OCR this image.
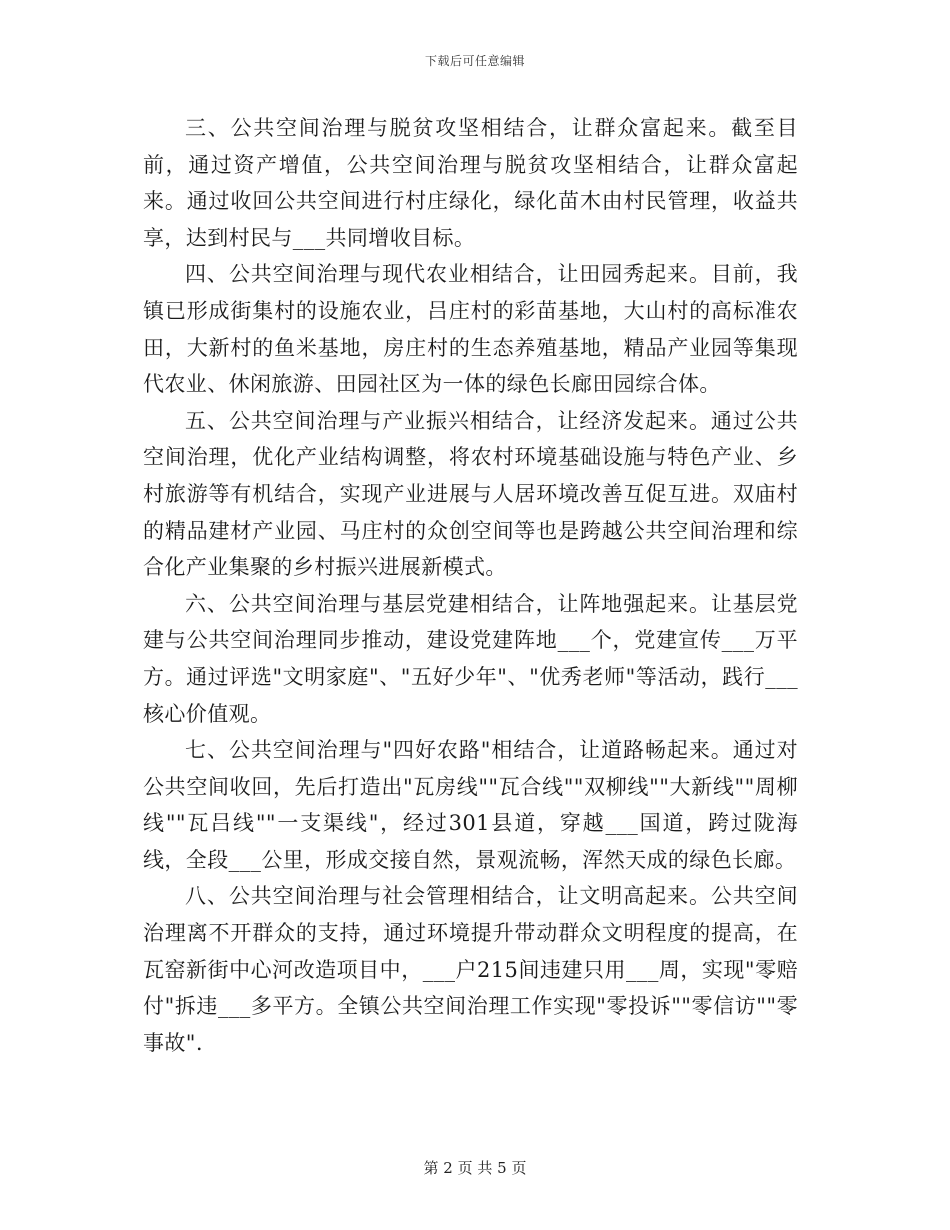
下载后可任意编辑

三、公共空间治理与脱贫攻坚相结合，让群众富起来。截至目前，通过资产增值，公共空间治理与脱贫攻坚相结合，让群众富起来。通过收回公共空间进行村庄绿化，绿化苗木由村民管理，收益共享，达到村民与___共同增收目标。

四、公共空间治理与现代农业相结合，让田园秀起来。目前，我镇已形成街集村的设施农业，吕庄村的彩苗基地，大山村的高标准农田，大新村的鱼米基地，房庄村的生态养殖基地，精品产业园等集现代农业、休闲旅游、田园社区为一体的绿色长廊田园综合体。

五、公共空间治理与产业振兴相结合，让经济发起来。通过公共空间治理，优化产业结构调整，将农村环境基础设施与特色产业、乡村旅游等有机结合，实现产业进展与人居环境改善互促互进。双庙村的精品建材产业园、马庄村的众创空间等也是跨越公共空间治理和综合化产业集聚的乡村振兴进展新模式。

六、公共空间治理与基层党建相结合，让阵地强起来。让基层党建与公共空间治理同步推动，建设党建阵地___个，党建宣传___万平方。通过评选"文明家庭"、"五好少年"、"优秀老师"等活动，践行___核心价值观。

七、公共空间治理与"四好农路"相结合，让道路畅起来。通过对公共空间收回，先后打造出"瓦房线""瓦合线""双柳线""大新线""周柳线""瓦吕线""一支渠线"，经过301县道，穿越___国道，跨过陇海线，全段___公里，形成交接自然，景观流畅，浑然天成的绿色长廊。

八、公共空间治理与社会管理相结合，让文明高起来。公共空间治理离不开群众的支持，通过环境提升带动群众文明程度的提高，在瓦窑新街中心河改造项目中，___户215间违建只用___周，实现"零赔付"拆违___多平方。全镇公共空间治理工作实现"零投诉""零信访""零事故".

第 2 页 共 5 页
